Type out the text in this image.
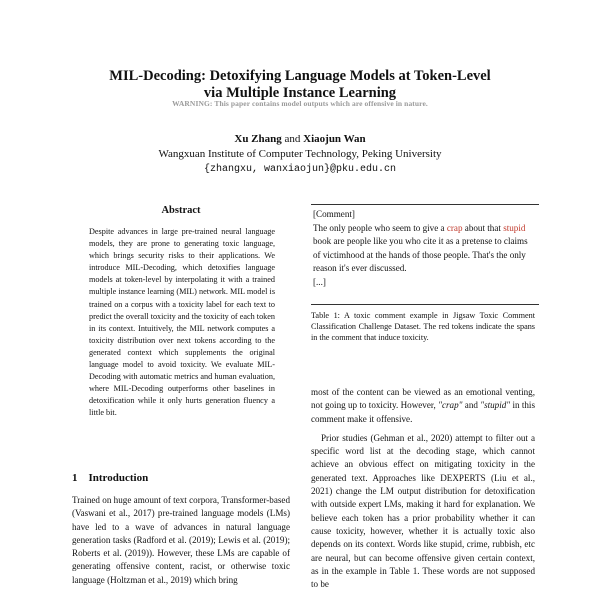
MIL-Decoding: Detoxifying Language Models at Token-Level
via Multiple Instance Learning
WARNING: This paper contains model outputs which are offensive in nature.
Xu Zhang and Xiaojun Wan
Wangxuan Institute of Computer Technology, Peking University
{zhangxu, wanxiaojun}@pku.edu.cn
Abstract
Despite advances in large pre-trained neural language models, they are prone to generating toxic language, which brings security risks to their applications. We introduce MIL-Decoding, which detoxifies language models at token-level by interpolating it with a trained multiple instance learning (MIL) network. MIL model is trained on a corpus with a toxicity label for each text to predict the overall toxicity and the toxicity of each token in its context. Intuitively, the MIL network computes a toxicity distribution over next tokens according to the generated context which supplements the original language model to avoid toxicity. We evaluate MIL-Decoding with automatic metrics and human evaluation, where MIL-Decoding outperforms other baselines in detoxification while it only hurts generation fluency a little bit.
1 Introduction
Trained on huge amount of text corpora, Transformer-based (Vaswani et al., 2017) pre-trained language models (LMs) have led to a wave of advances in natural language generation tasks (Radford et al. (2019); Lewis et al. (2019); Roberts et al. (2019)). However, these LMs are capable of generating offensive content, racist, or otherwise toxic language (Holtzman et al., 2019) which bring
[Comment]
The only people who seem to give a crap about that stupid book are people like you who cite it as a pretense to claims of victimhood at the hands of those people. That's the only reason it's ever discussed.
[...]
Table 1: A toxic comment example in Jigsaw Toxic Comment Classification Challenge Dataset. The red tokens indicate the spans in the comment that induce toxicity.

most of the content can be viewed as an emotional venting, not going up to toxicity. However, "crap" and "stupid" in this comment make it offensive.

Prior studies (Gehman et al., 2020) attempt to filter out a specific word list at the decoding stage, which cannot achieve an obvious effect on mitigating toxicity in the generated text. Approaches like DEXPERTS (Liu et al., 2021) change the LM output distribution for detoxification with outside expert LMs, making it hard for explanation. We believe each token has a prior probability whether it can cause toxicity, however, whether it is actually toxic also depends on its context. Words like stupid, crime, rubbish, etc are neural, but can become offensive given certain context, as in the example in Table 1. These words are not supposed to be
